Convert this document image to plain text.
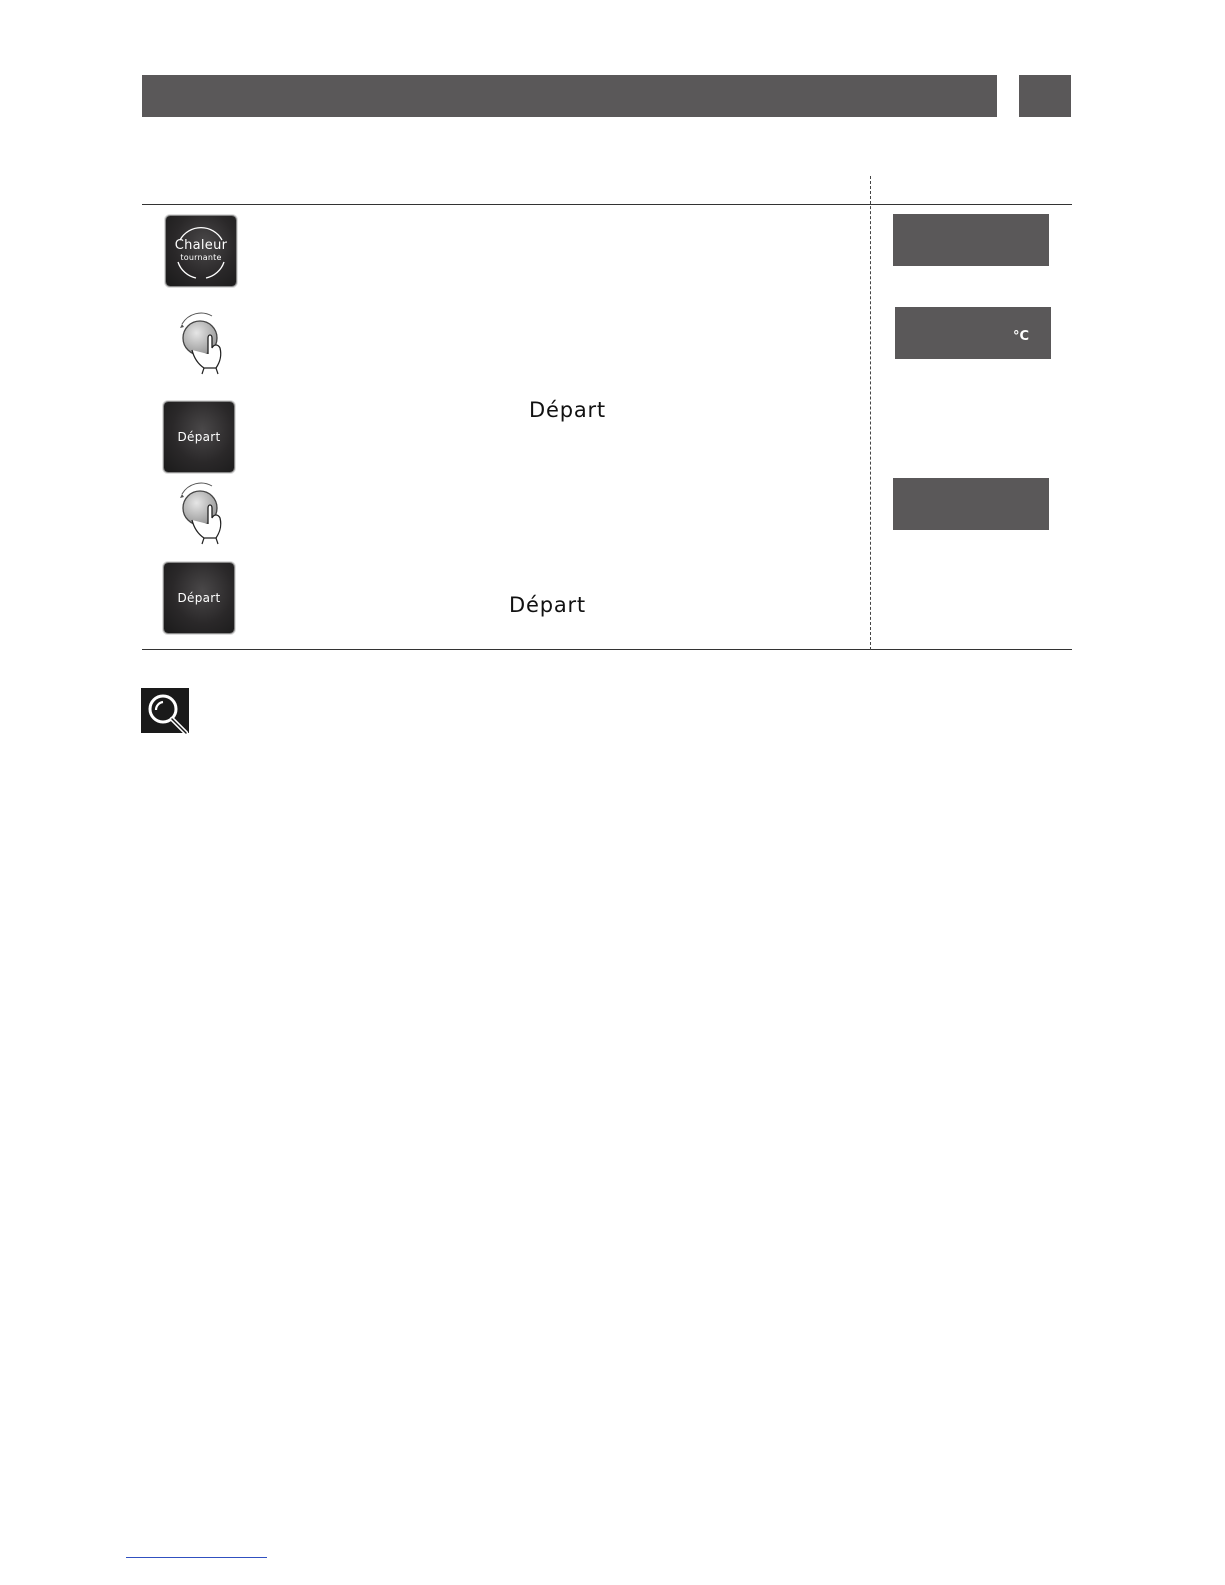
Chaleur
tournante
Départ
Départ
Départ	Départ
°C
